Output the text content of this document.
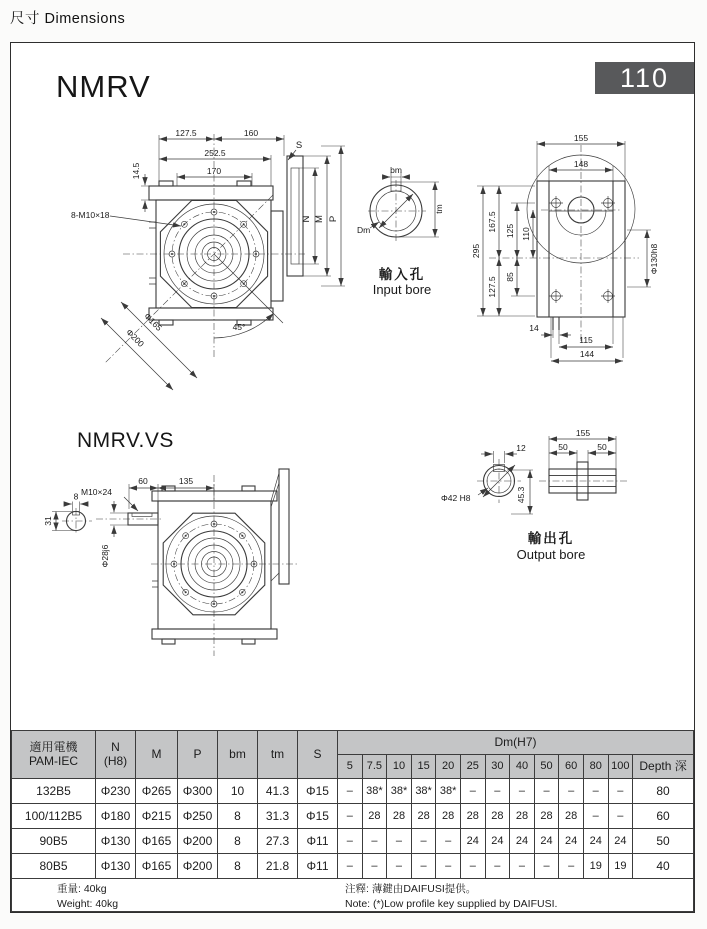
尺寸 Dimensions
NMRV	110
127.5	160
252.5
170
14.5
S
N M P
8-M10×18
Φ165
Φ200	45°
bm
tm
Dm
輸入孔
Input bore
155
148
295
167.5
127.5
125
85
110
Φ130h8
14
115
144
NMRV.VS
60	135
M10×24
8
31
Φ28j6
12
Φ42 H8	45.3
155
50	50
輸出孔
Output bore
適用電機
PAM-IEC

N
(H8)	M	P	bm	tm	S	Dm(H7)
							5	7.5	10	15	20	25	30	40	50	60	80	100	Depth 深
132B5	Φ230	Φ265	Φ300	10	41.3	Φ15	–	38*	38*	38*	38*	–	–	–	–	–	–	–	80
100/112B5	Φ180	Φ215	Φ250	8	31.3	Φ15	–	28	28	28	28	28	28	28	28	28	–	–	60
90B5	Φ130	Φ165	Φ200	8	27.3	Φ11	–	–	–	–	–	24	24	24	24	24	24	24	50
80B5	Φ130	Φ165	Φ200	8	21.8	Φ11	–	–	–	–	–	–	–	–	–	–	19	19	40

重量: 40kg
Weight: 40kg
注釋: 薄鍵由DAIFUSI提供。
Note: (*)Low profile key supplied by DAIFUSI.																			
